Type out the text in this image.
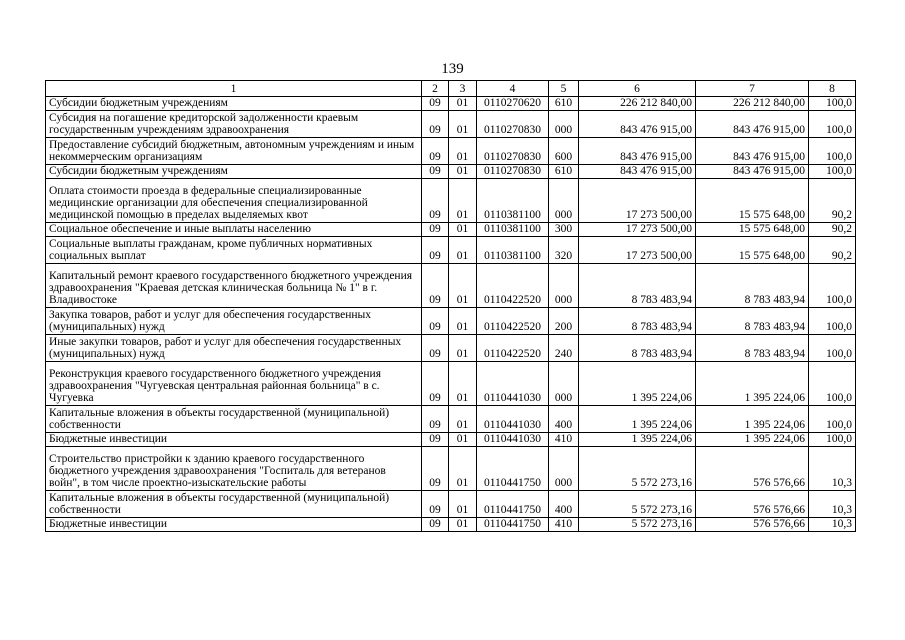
139
1	2	3	4	5	6	7	8
Субсидии бюджетным учреждениям	09	01	0110270620	610	226 212 840,00	226 212 840,00	100,0
Субсидия на погашение кредиторской задолженности краевым государственным учреждениям здравоохранения	09	01	0110270830	000	843 476 915,00	843 476 915,00	100,0
Предоставление субсидий бюджетным, автономным учреждениям и иным некоммерческим организациям	09	01	0110270830	600	843 476 915,00	843 476 915,00	100,0
Субсидии бюджетным учреждениям	09	01	0110270830	610	843 476 915,00	843 476 915,00	100,0
Оплата стоимости проезда в федеральные специализированные медицинские организации для обеспечения специализированной медицинской помощью в пределах выделяемых квот	09	01	0110381100	000	17 273 500,00	15 575 648,00	90,2
Социальное обеспечение и иные выплаты населению	09	01	0110381100	300	17 273 500,00	15 575 648,00	90,2
Социальные выплаты гражданам, кроме публичных нормативных социальных выплат	09	01	0110381100	320	17 273 500,00	15 575 648,00	90,2
Капитальный ремонт краевого государственного бюджетного учреждения здравоохранения "Краевая детская клиническая больница № 1" в г. Владивостоке	09	01	0110422520	000	8 783 483,94	8 783 483,94	100,0
Закупка товаров, работ и услуг для обеспечения государственных (муниципальных) нужд	09	01	0110422520	200	8 783 483,94	8 783 483,94	100,0
Иные закупки товаров, работ и услуг для обеспечения государственных (муниципальных) нужд	09	01	0110422520	240	8 783 483,94	8 783 483,94	100,0
Реконструкция краевого государственного бюджетного учреждения здравоохранения "Чугуевская центральная районная больница" в с. Чугуевка	09	01	0110441030	000	1 395 224,06	1 395 224,06	100,0
Капитальные вложения в объекты государственной (муниципальной) собственности	09	01	0110441030	400	1 395 224,06	1 395 224,06	100,0
Бюджетные инвестиции	09	01	0110441030	410	1 395 224,06	1 395 224,06	100,0
Строительство пристройки к зданию краевого государственного бюджетного учреждения здравоохранения "Госпиталь для ветеранов войн", в том числе проектно-изыскательские работы	09	01	0110441750	000	5 572 273,16	576 576,66	10,3
Капитальные вложения в объекты государственной (муниципальной) собственности	09	01	0110441750	400	5 572 273,16	576 576,66	10,3
Бюджетные инвестиции	09	01	0110441750	410	5 572 273,16	576 576,66	10,3
